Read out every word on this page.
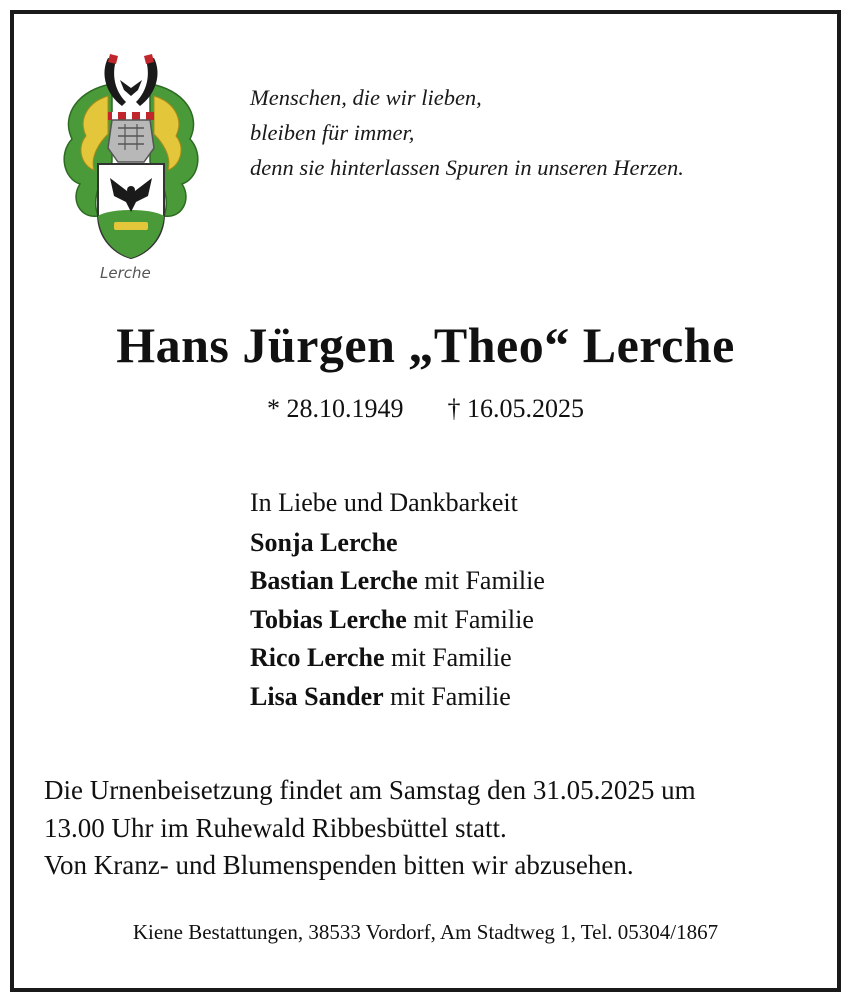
Lerche
Menschen, die wir lieben,
bleiben für immer,
denn sie hinterlassen Spuren in unseren Herzen.
Hans Jürgen „Theo“ Lerche
* 28.10.1949 † 16.05.2025
In Liebe und Dankbarkeit
Sonja Lerche
Bastian Lerche mit Familie
Tobias Lerche mit Familie
Rico Lerche mit Familie
Lisa Sander mit Familie
Die Urnenbeisetzung findet am Samstag den 31.05.2025 um
13.00 Uhr im Ruhewald Ribbesbüttel statt.
Von Kranz- und Blumenspenden bitten wir abzusehen.
Kiene Bestattungen, 38533 Vordorf, Am Stadtweg 1, Tel. 05304/1867
